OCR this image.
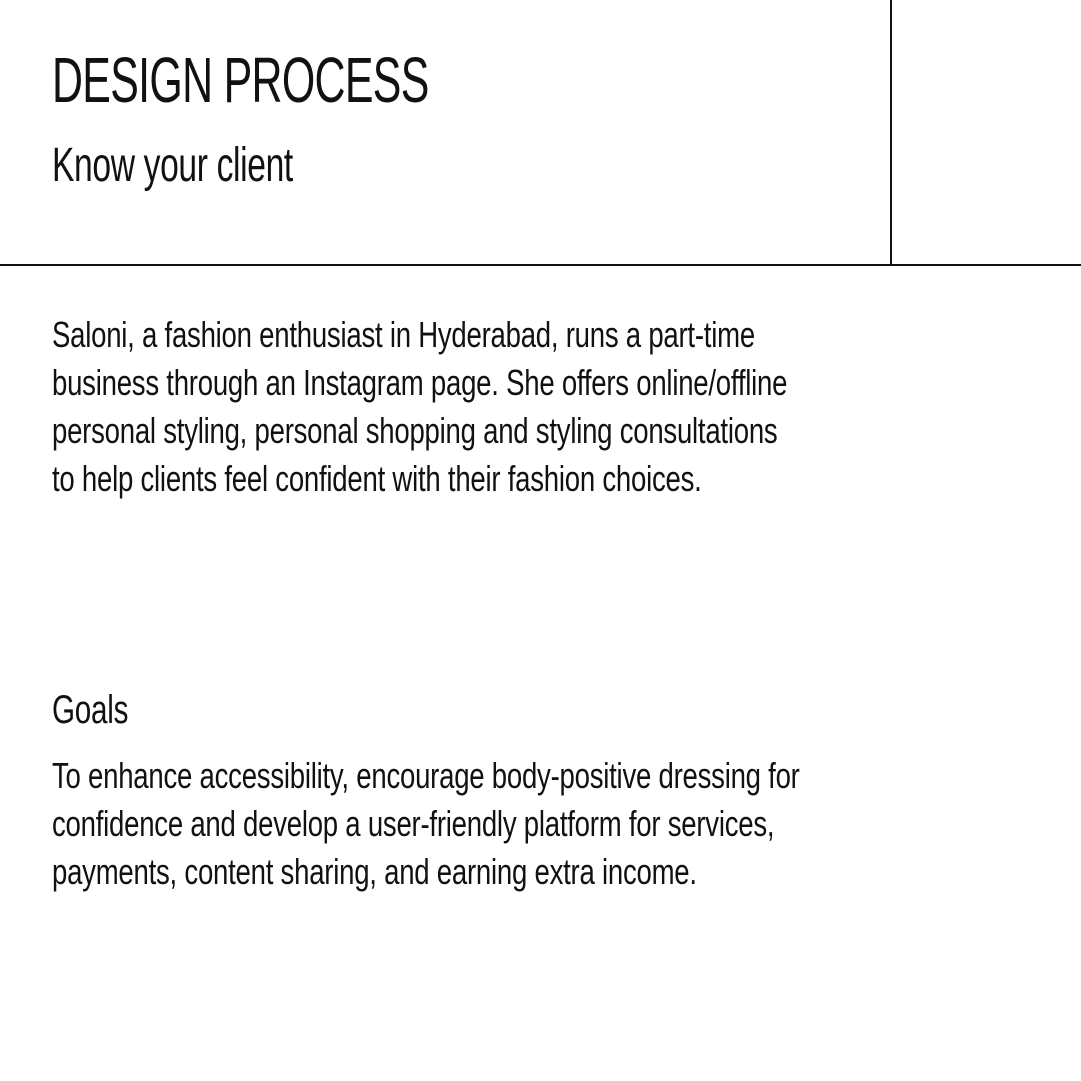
DESIGN PROCESS
Know your client

Saloni, a fashion enthusiast in Hyderabad, runs a part-time
business through an Instagram page. She offers online/offline
personal styling, personal shopping and styling consultations
to help clients feel confident with their fashion choices.

Goals

To enhance accessibility, encourage body-positive dressing for
confidence and develop a user-friendly platform for services,
payments, content sharing, and earning extra income.
